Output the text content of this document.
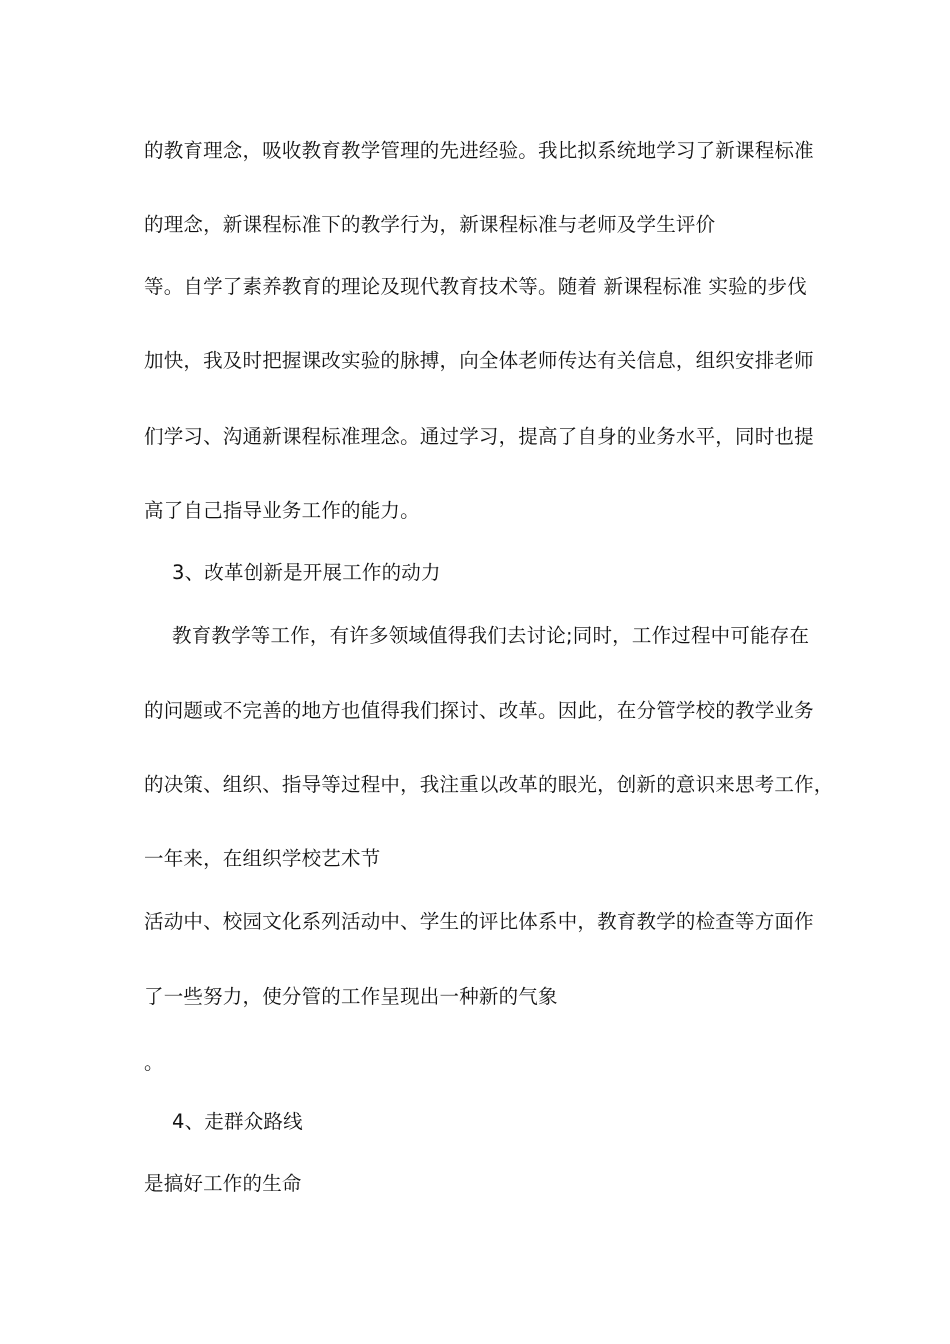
的教育理念，吸收教育教学管理的先进经验。我比拟系统地学习了新课程标准
的理念，新课程标准下的教学行为，新课程标准与老师及学生评价
等。自学了素养教育的理论及现代教育技术等。随着 新课程标准 实验的步伐
加快，我及时把握课改实验的脉搏，向全体老师传达有关信息，组织安排老师
们学习、沟通新课程标准理念。通过学习，提高了自身的业务水平，同时也提
高了自己指导业务工作的能力。
3、改革创新是开展工作的动力
教育教学等工作，有许多领域值得我们去讨论;同时，工作过程中可能存在
的问题或不完善的地方也值得我们探讨、改革。因此，在分管学校的教学业务
的决策、组织、指导等过程中，我注重以改革的眼光，创新的意识来思考工作，
一年来，在组织学校艺术节
活动中、校园文化系列活动中、学生的评比体系中，教育教学的检查等方面作
了一些努力，使分管的工作呈现出一种新的气象
。
4、走群众路线
是搞好工作的生命
